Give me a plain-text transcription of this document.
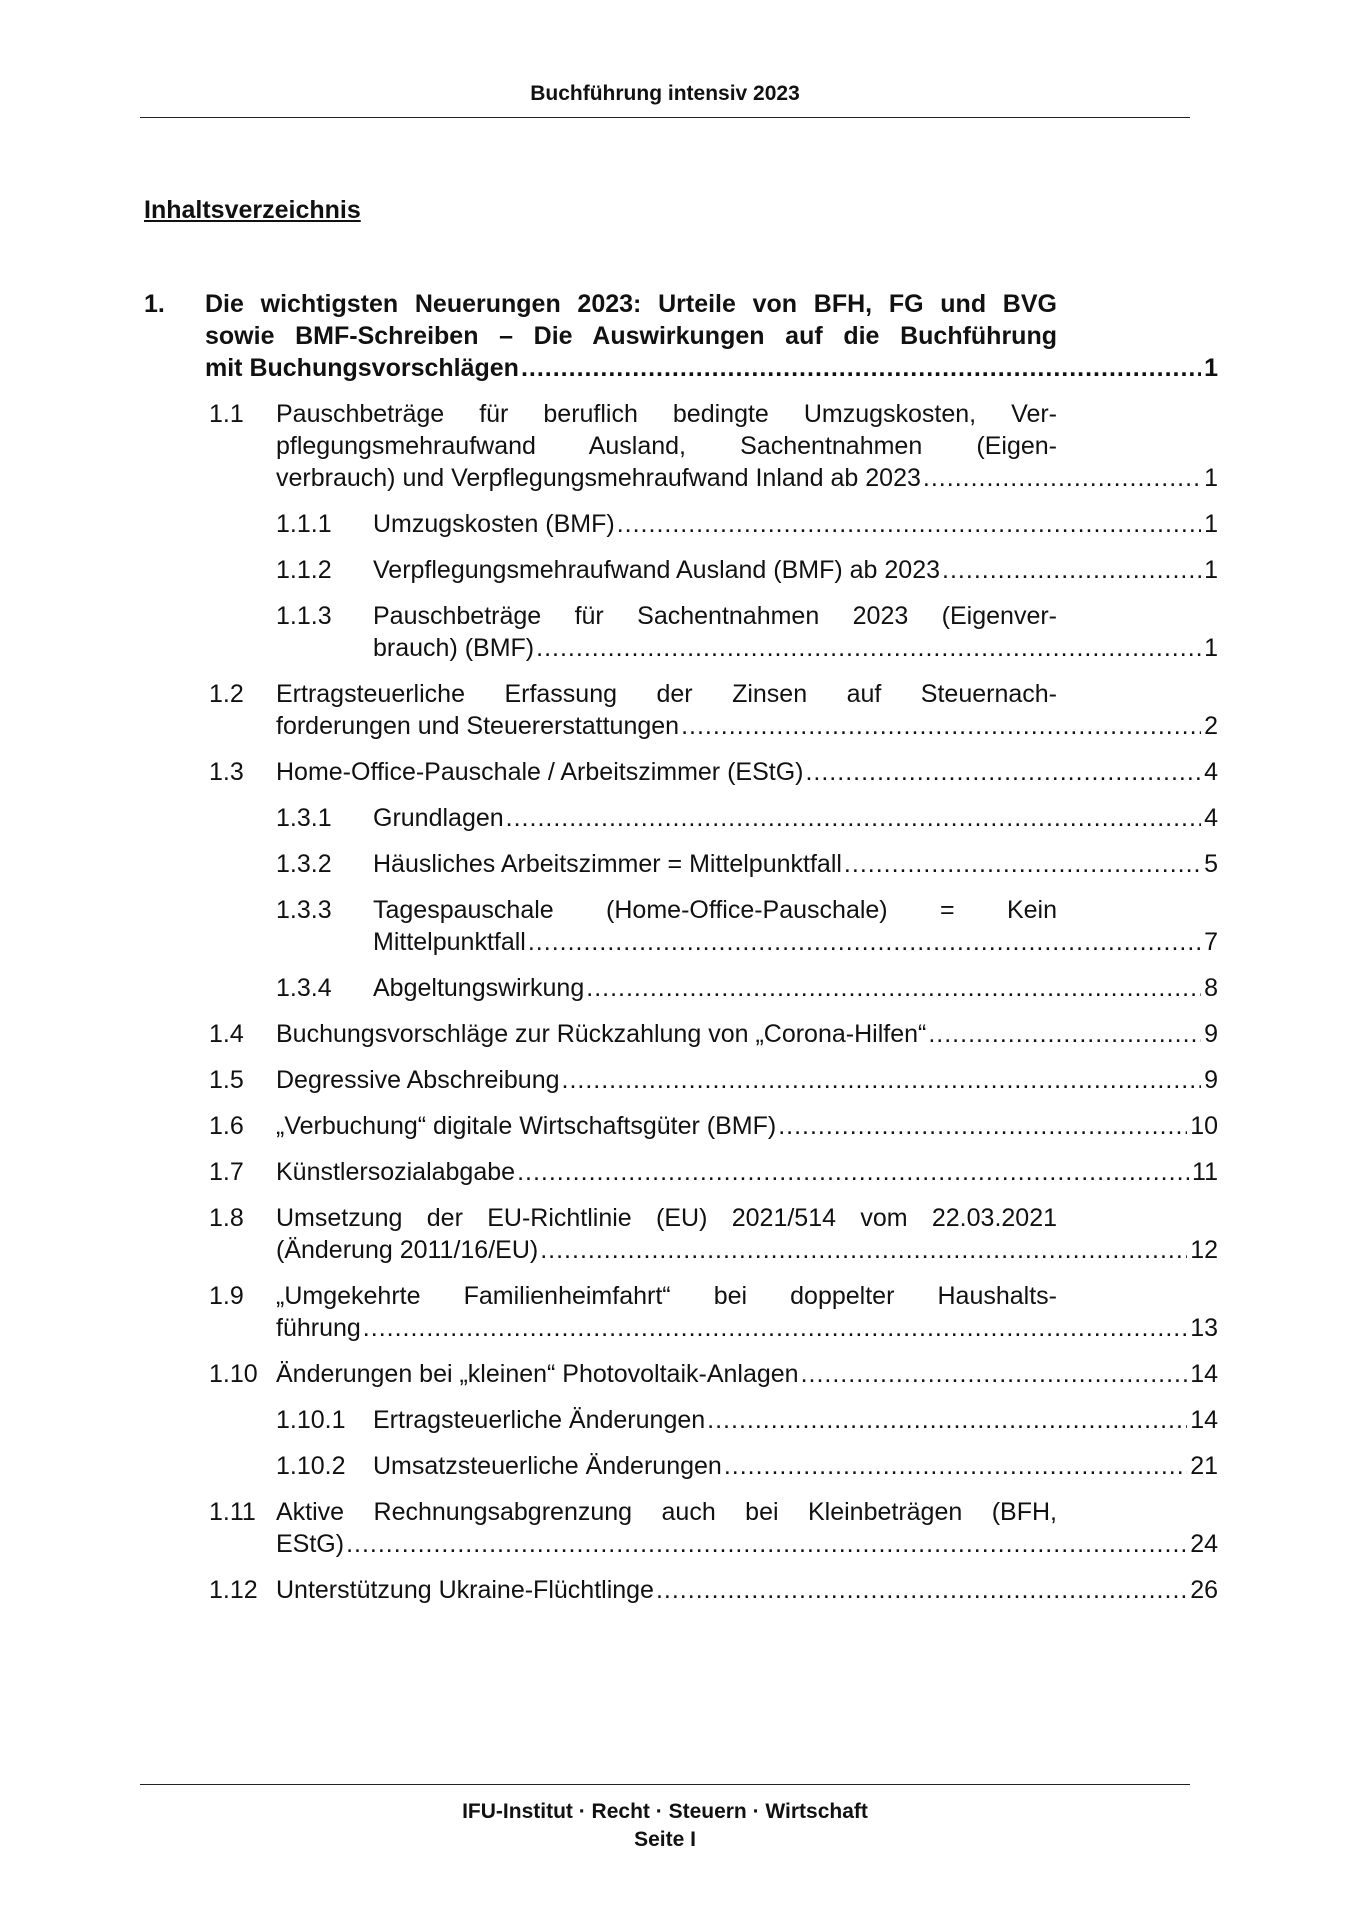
Buchführung intensiv 2023
Inhaltsverzeichnis
1. Die wichtigsten Neuerungen 2023: Urteile von BFH, FG und BVG
sowie BMF-Schreiben – Die Auswirkungen auf die Buchführung
mit Buchungsvorschlägen .....	1
1.1 Pauschbeträge für beruflich bedingte Umzugskosten, Ver-
pflegungsmehraufwand Ausland, Sachentnahmen (Eigen-
verbrauch) und Verpflegungsmehraufwand Inland ab 2023 .....	1
1.1.1 Umzugskosten (BMF) .....	1
1.1.2 Verpflegungsmehraufwand Ausland (BMF) ab 2023 .....	1
1.1.3 Pauschbeträge für Sachentnahmen 2023 (Eigenver-
brauch) (BMF) .....	1
1.2 Ertragsteuerliche Erfassung der Zinsen auf Steuernach-
forderungen und Steuererstattungen .....	2
1.3 Home-Office-Pauschale / Arbeitszimmer (EStG) .....	4
1.3.1 Grundlagen .....	4
1.3.2 Häusliches Arbeitszimmer = Mittelpunktfall .....	5
1.3.3 Tagespauschale (Home-Office-Pauschale) = Kein
Mittelpunktfall .....	7
1.3.4 Abgeltungswirkung .....	8
1.4 Buchungsvorschläge zur Rückzahlung von „Corona-Hilfen“ .....	9
1.5 Degressive Abschreibung .....	9
1.6 „Verbuchung“ digitale Wirtschaftsgüter (BMF) .....	10
1.7 Künstlersozialabgabe .....	11
1.8 Umsetzung der EU-Richtlinie (EU) 2021/514 vom 22.03.2021
(Änderung 2011/16/EU) .....	12
1.9 „Umgekehrte Familienheimfahrt“ bei doppelter Haushalts-
führung .....	13
1.10 Änderungen bei „kleinen“ Photovoltaik-Anlagen .....	14
1.10.1 Ertragsteuerliche Änderungen .....	14
1.10.2 Umsatzsteuerliche Änderungen .....	21
1.11 Aktive Rechnungsabgrenzung auch bei Kleinbeträgen (BFH,
EStG) .....	24
1.12 Unterstützung Ukraine-Flüchtlinge .....	26
IFU-Institut · Recht · Steuern · Wirtschaft
Seite I
